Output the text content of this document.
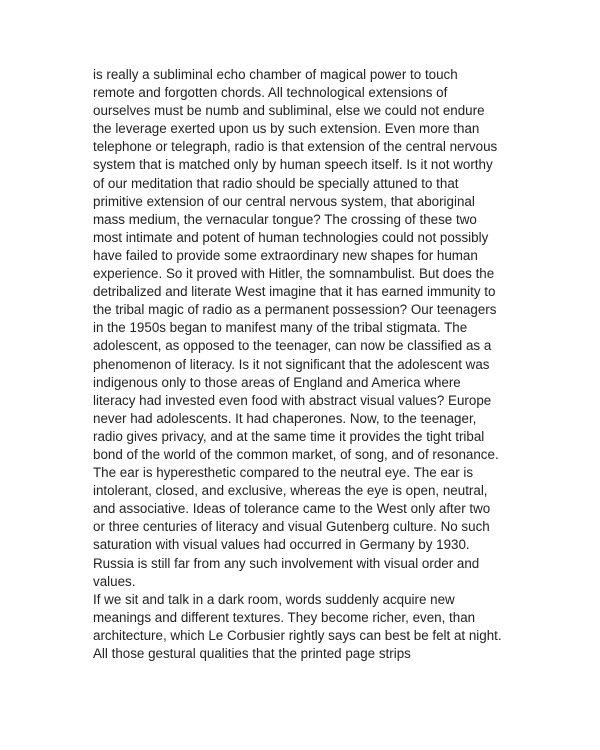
is really a subliminal echo chamber of magical power to touch
remote and forgotten chords. All technological extensions of
ourselves must be numb and subliminal, else we could not endure
the leverage exerted upon us by such extension. Even more than
telephone or telegraph, radio is that extension of the central nervous
system that is matched only by human speech itself. Is it not worthy
of our meditation that radio should be specially attuned to that
primitive extension of our central nervous system, that aboriginal
mass medium, the vernacular tongue? The crossing of these two
most intimate and potent of human technologies could not possibly
have failed to provide some extraordinary new shapes for human
experience. So it proved with Hitler, the somnambulist. But does the
detribalized and literate West imagine that it has earned immunity to
the tribal magic of radio as a permanent possession? Our teenagers
in the 1950s began to manifest many of the tribal stigmata. The
adolescent, as opposed to the teenager, can now be classified as a
phenomenon of literacy. Is it not significant that the adolescent was
indigenous only to those areas of England and America where
literacy had invested even food with abstract visual values? Europe
never had adolescents. It had chaperones. Now, to the teenager,
radio gives privacy, and at the same time it provides the tight tribal
bond of the world of the common market, of song, and of resonance.
The ear is hyperesthetic compared to the neutral eye. The ear is
intolerant, closed, and exclusive, whereas the eye is open, neutral,
and associative. Ideas of tolerance came to the West only after two
or three centuries of literacy and visual Gutenberg culture. No such
saturation with visual values had occurred in Germany by 1930.
Russia is still far from any such involvement with visual order and
values.
If we sit and talk in a dark room, words suddenly acquire new
meanings and different textures. They become richer, even, than
architecture, which Le Corbusier rightly says can best be felt at night.
All those gestural qualities that the printed page strips
